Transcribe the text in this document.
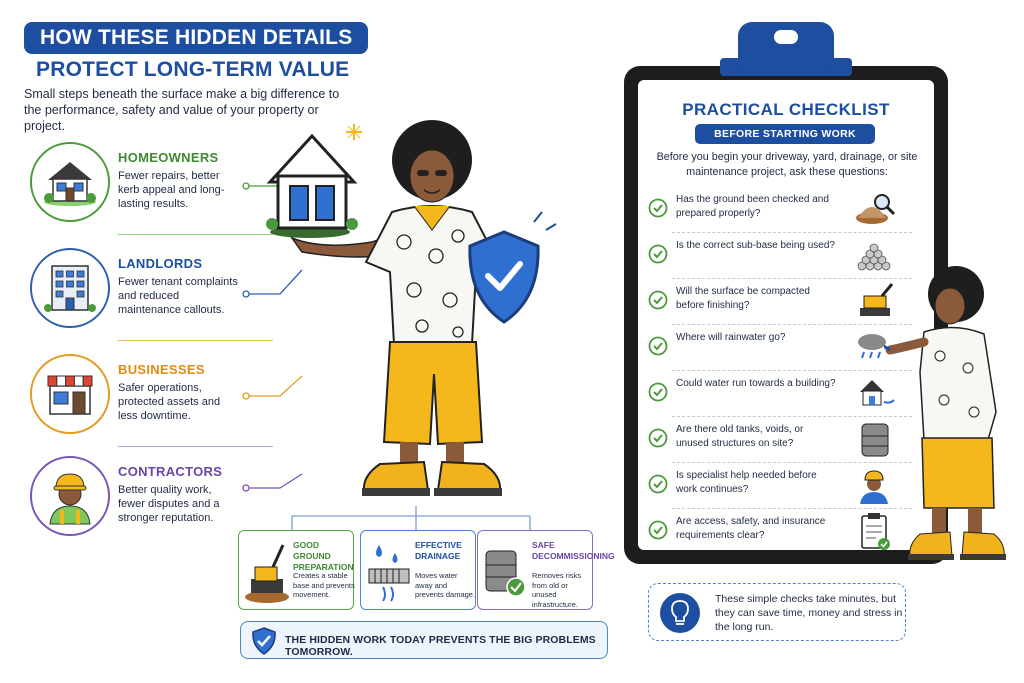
HOW THESE HIDDEN DETAILS
PROTECT LONG-TERM VALUE
Small steps beneath the surface make a big difference to the performance, safety and value of your property or project.
HOMEOWNERS
Fewer repairs, better kerb appeal and long-lasting results.
LANDLORDS
Fewer tenant complaints and reduced maintenance callouts.
BUSINESSES
Safer operations, protected assets and less downtime.
CONTRACTORS
Better quality work, fewer disputes and a stronger reputation.
GOOD GROUND PREPARATION
Creates a stable base and prevents movement.
EFFECTIVE DRAINAGE
Moves water away and prevents damage.
SAFE DECOMMISSIONING
Removes risks from old or unused infrastructure.
THE HIDDEN WORK TODAY PREVENTS THE BIG PROBLEMS TOMORROW.
PRACTICAL CHECKLIST
BEFORE STARTING WORK
Before you begin your driveway, yard, drainage, or site maintenance project, ask these questions:
Has the ground been checked and prepared properly?
Is the correct sub-base being used?
Will the surface be compacted before finishing?
Where will rainwater go?
Could water run towards a building?
Are there old tanks, voids, or unused structures on site?
Is specialist help needed before work continues?
Are access, safety, and insurance requirements clear?
These simple checks take minutes, but they can save time, money and stress in the long run.
